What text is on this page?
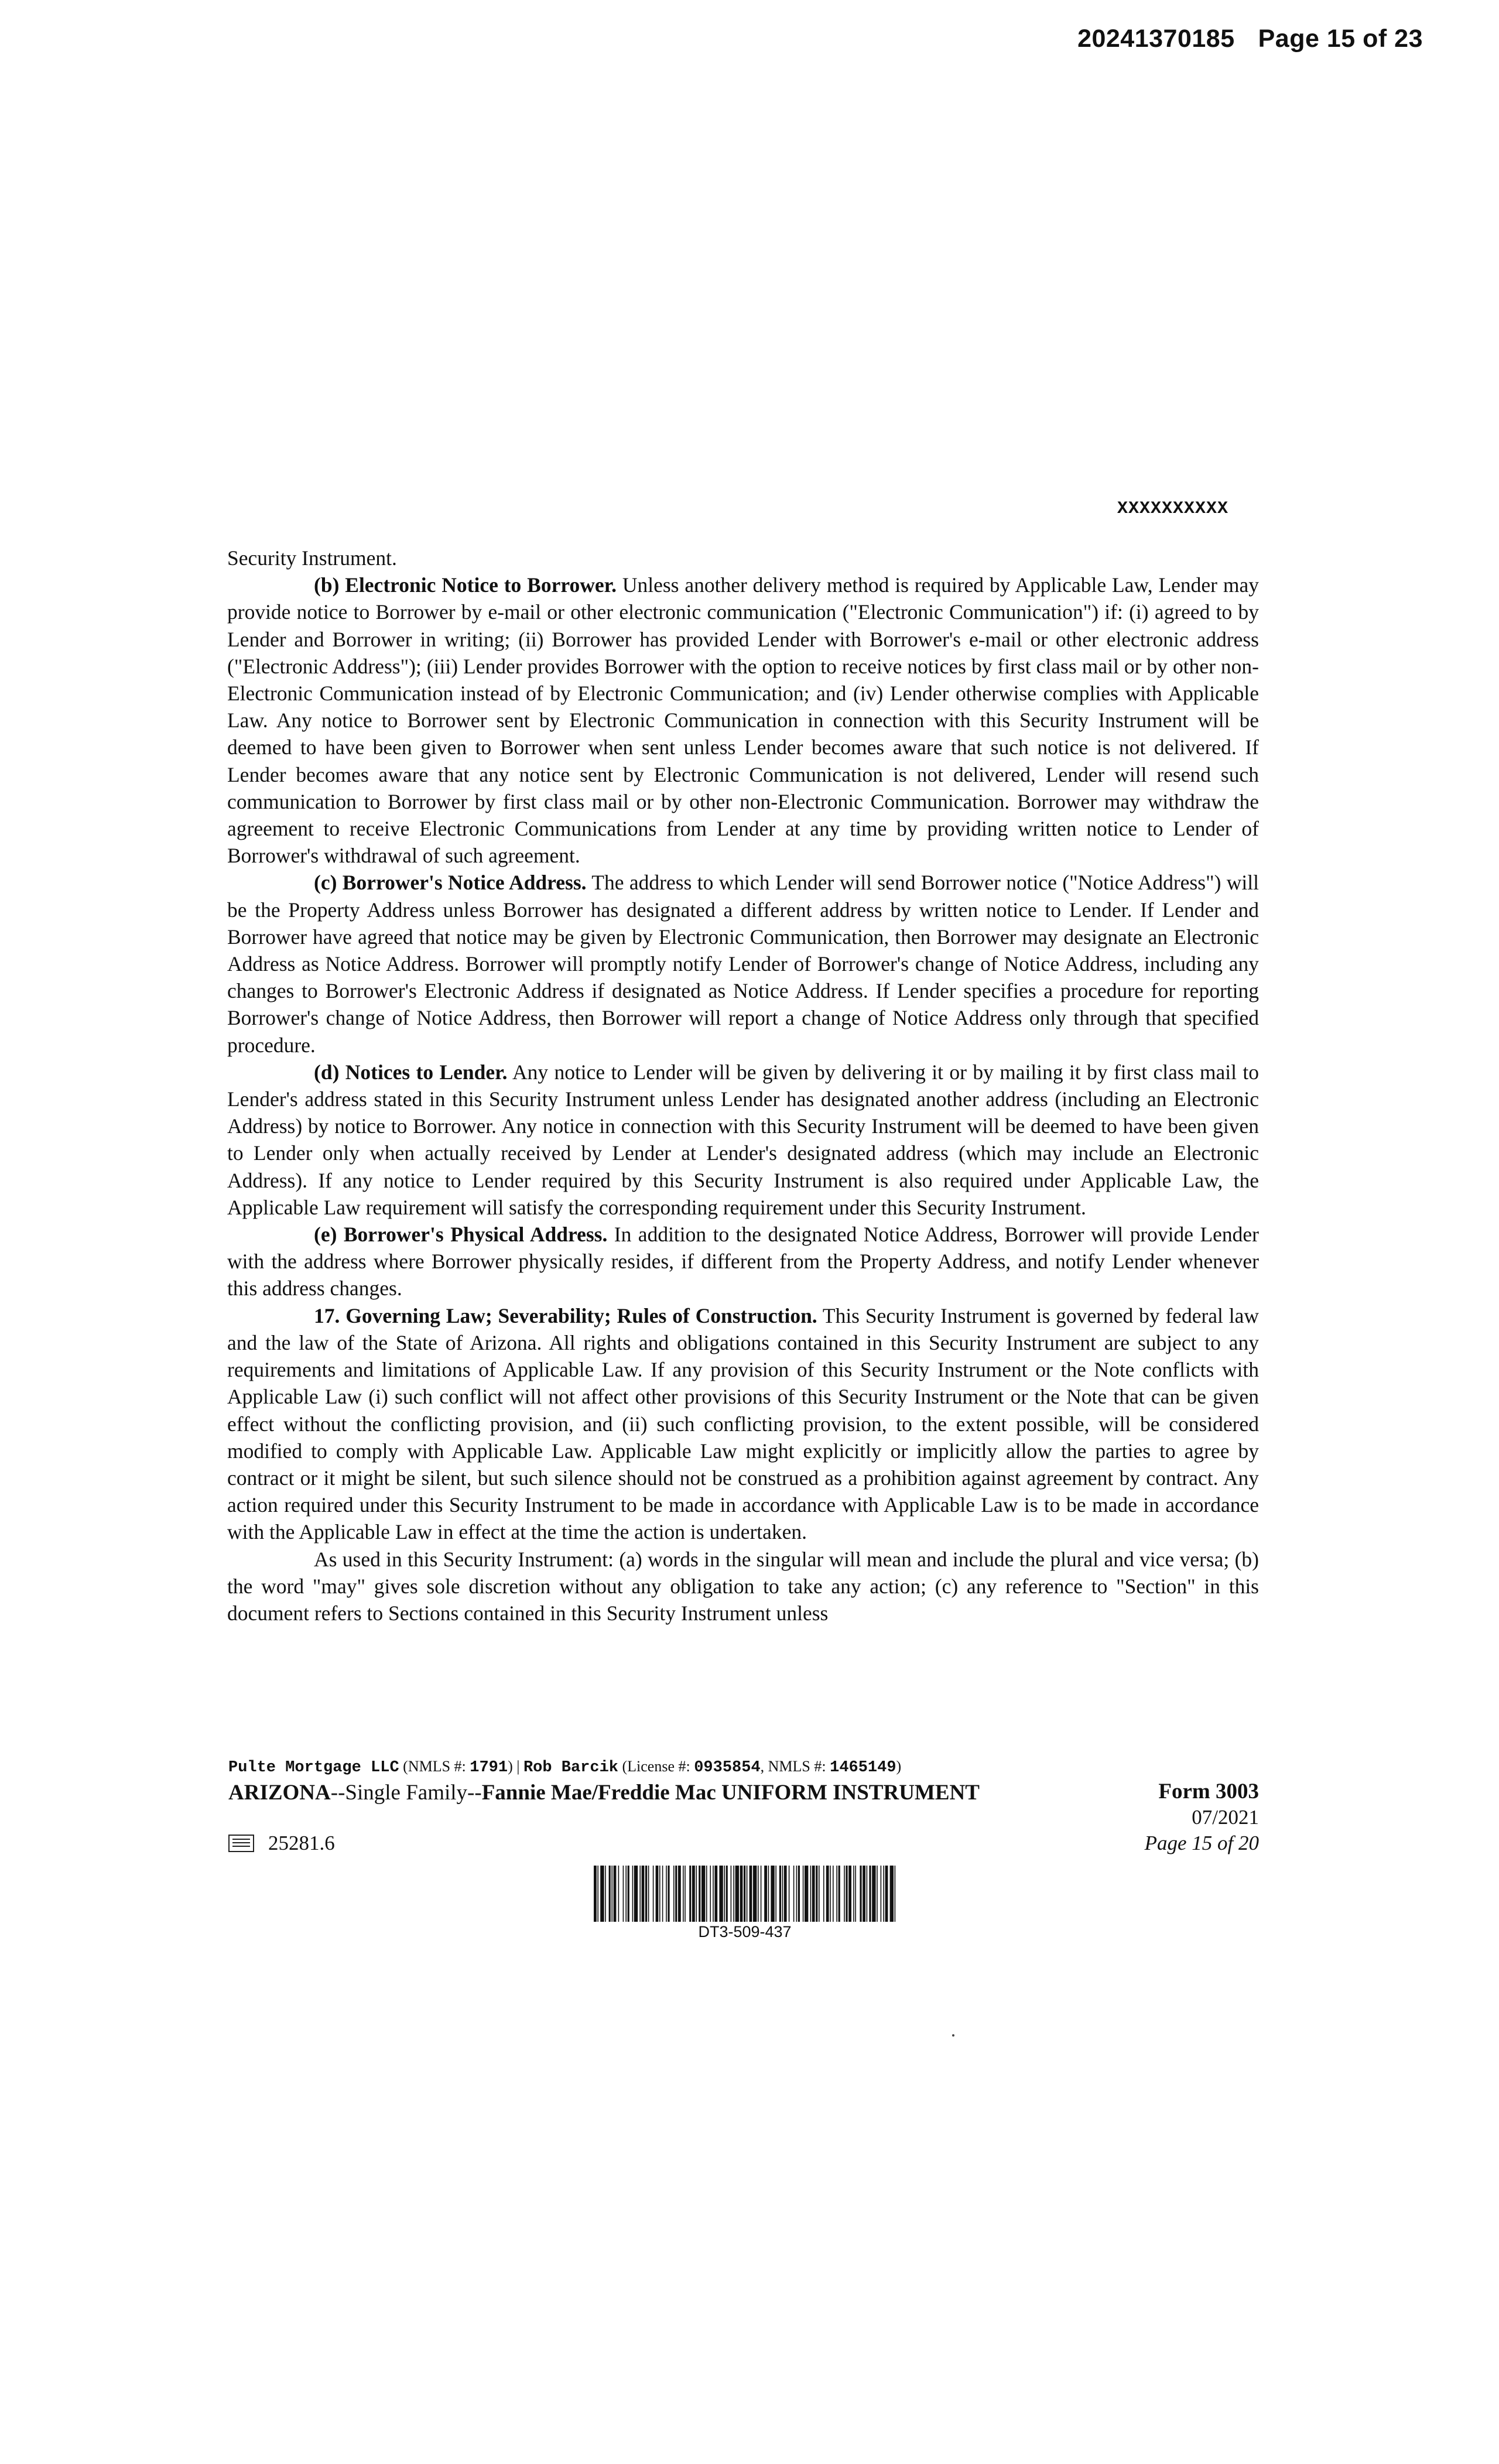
20241370185 Page 15 of 23
XXXXXXXXXX

Security Instrument.

(b) Electronic Notice to Borrower. Unless another delivery method is required by Applicable Law, Lender may provide notice to Borrower by e-mail or other electronic communication ("Electronic Communication") if: (i) agreed to by Lender and Borrower in writing; (ii) Borrower has provided Lender with Borrower's e-mail or other electronic address ("Electronic Address"); (iii) Lender provides Borrower with the option to receive notices by first class mail or by other non-Electronic Communication instead of by Electronic Communication; and (iv) Lender otherwise complies with Applicable Law. Any notice to Borrower sent by Electronic Communication in connection with this Security Instrument will be deemed to have been given to Borrower when sent unless Lender becomes aware that such notice is not delivered. If Lender becomes aware that any notice sent by Electronic Communication is not delivered, Lender will resend such communication to Borrower by first class mail or by other non-Electronic Communication. Borrower may withdraw the agreement to receive Electronic Communications from Lender at any time by providing written notice to Lender of Borrower's withdrawal of such agreement.

(c) Borrower's Notice Address. The address to which Lender will send Borrower notice ("Notice Address") will be the Property Address unless Borrower has designated a different address by written notice to Lender. If Lender and Borrower have agreed that notice may be given by Electronic Communication, then Borrower may designate an Electronic Address as Notice Address. Borrower will promptly notify Lender of Borrower's change of Notice Address, including any changes to Borrower's Electronic Address if designated as Notice Address. If Lender specifies a procedure for reporting Borrower's change of Notice Address, then Borrower will report a change of Notice Address only through that specified procedure.

(d) Notices to Lender. Any notice to Lender will be given by delivering it or by mailing it by first class mail to Lender's address stated in this Security Instrument unless Lender has designated another address (including an Electronic Address) by notice to Borrower. Any notice in connection with this Security Instrument will be deemed to have been given to Lender only when actually received by Lender at Lender's designated address (which may include an Electronic Address). If any notice to Lender required by this Security Instrument is also required under Applicable Law, the Applicable Law requirement will satisfy the corresponding requirement under this Security Instrument.

(e) Borrower's Physical Address. In addition to the designated Notice Address, Borrower will provide Lender with the address where Borrower physically resides, if different from the Property Address, and notify Lender whenever this address changes.

17. Governing Law; Severability; Rules of Construction. This Security Instrument is governed by federal law and the law of the State of Arizona. All rights and obligations contained in this Security Instrument are subject to any requirements and limitations of Applicable Law. If any provision of this Security Instrument or the Note conflicts with Applicable Law (i) such conflict will not affect other provisions of this Security Instrument or the Note that can be given effect without the conflicting provision, and (ii) such conflicting provision, to the extent possible, will be considered modified to comply with Applicable Law. Applicable Law might explicitly or implicitly allow the parties to agree by contract or it might be silent, but such silence should not be construed as a prohibition against agreement by contract. Any action required under this Security Instrument to be made in accordance with Applicable Law is to be made in accordance with the Applicable Law in effect at the time the action is undertaken.

As used in this Security Instrument: (a) words in the singular will mean and include the plural and vice versa; (b) the word "may" gives sole discretion without any obligation to take any action; (c) any reference to "Section" in this document refers to Sections contained in this Security Instrument unless

Pulte Mortgage LLC (NMLS #: 1791) | Rob Barcik (License #: 0935854, NMLS #: 1465149)
ARIZONA--Single Family--Fannie Mae/Freddie Mac UNIFORM INSTRUMENT	Form 3003
07/2021
Page 15 of 20
25281.6
DT3-509-437
